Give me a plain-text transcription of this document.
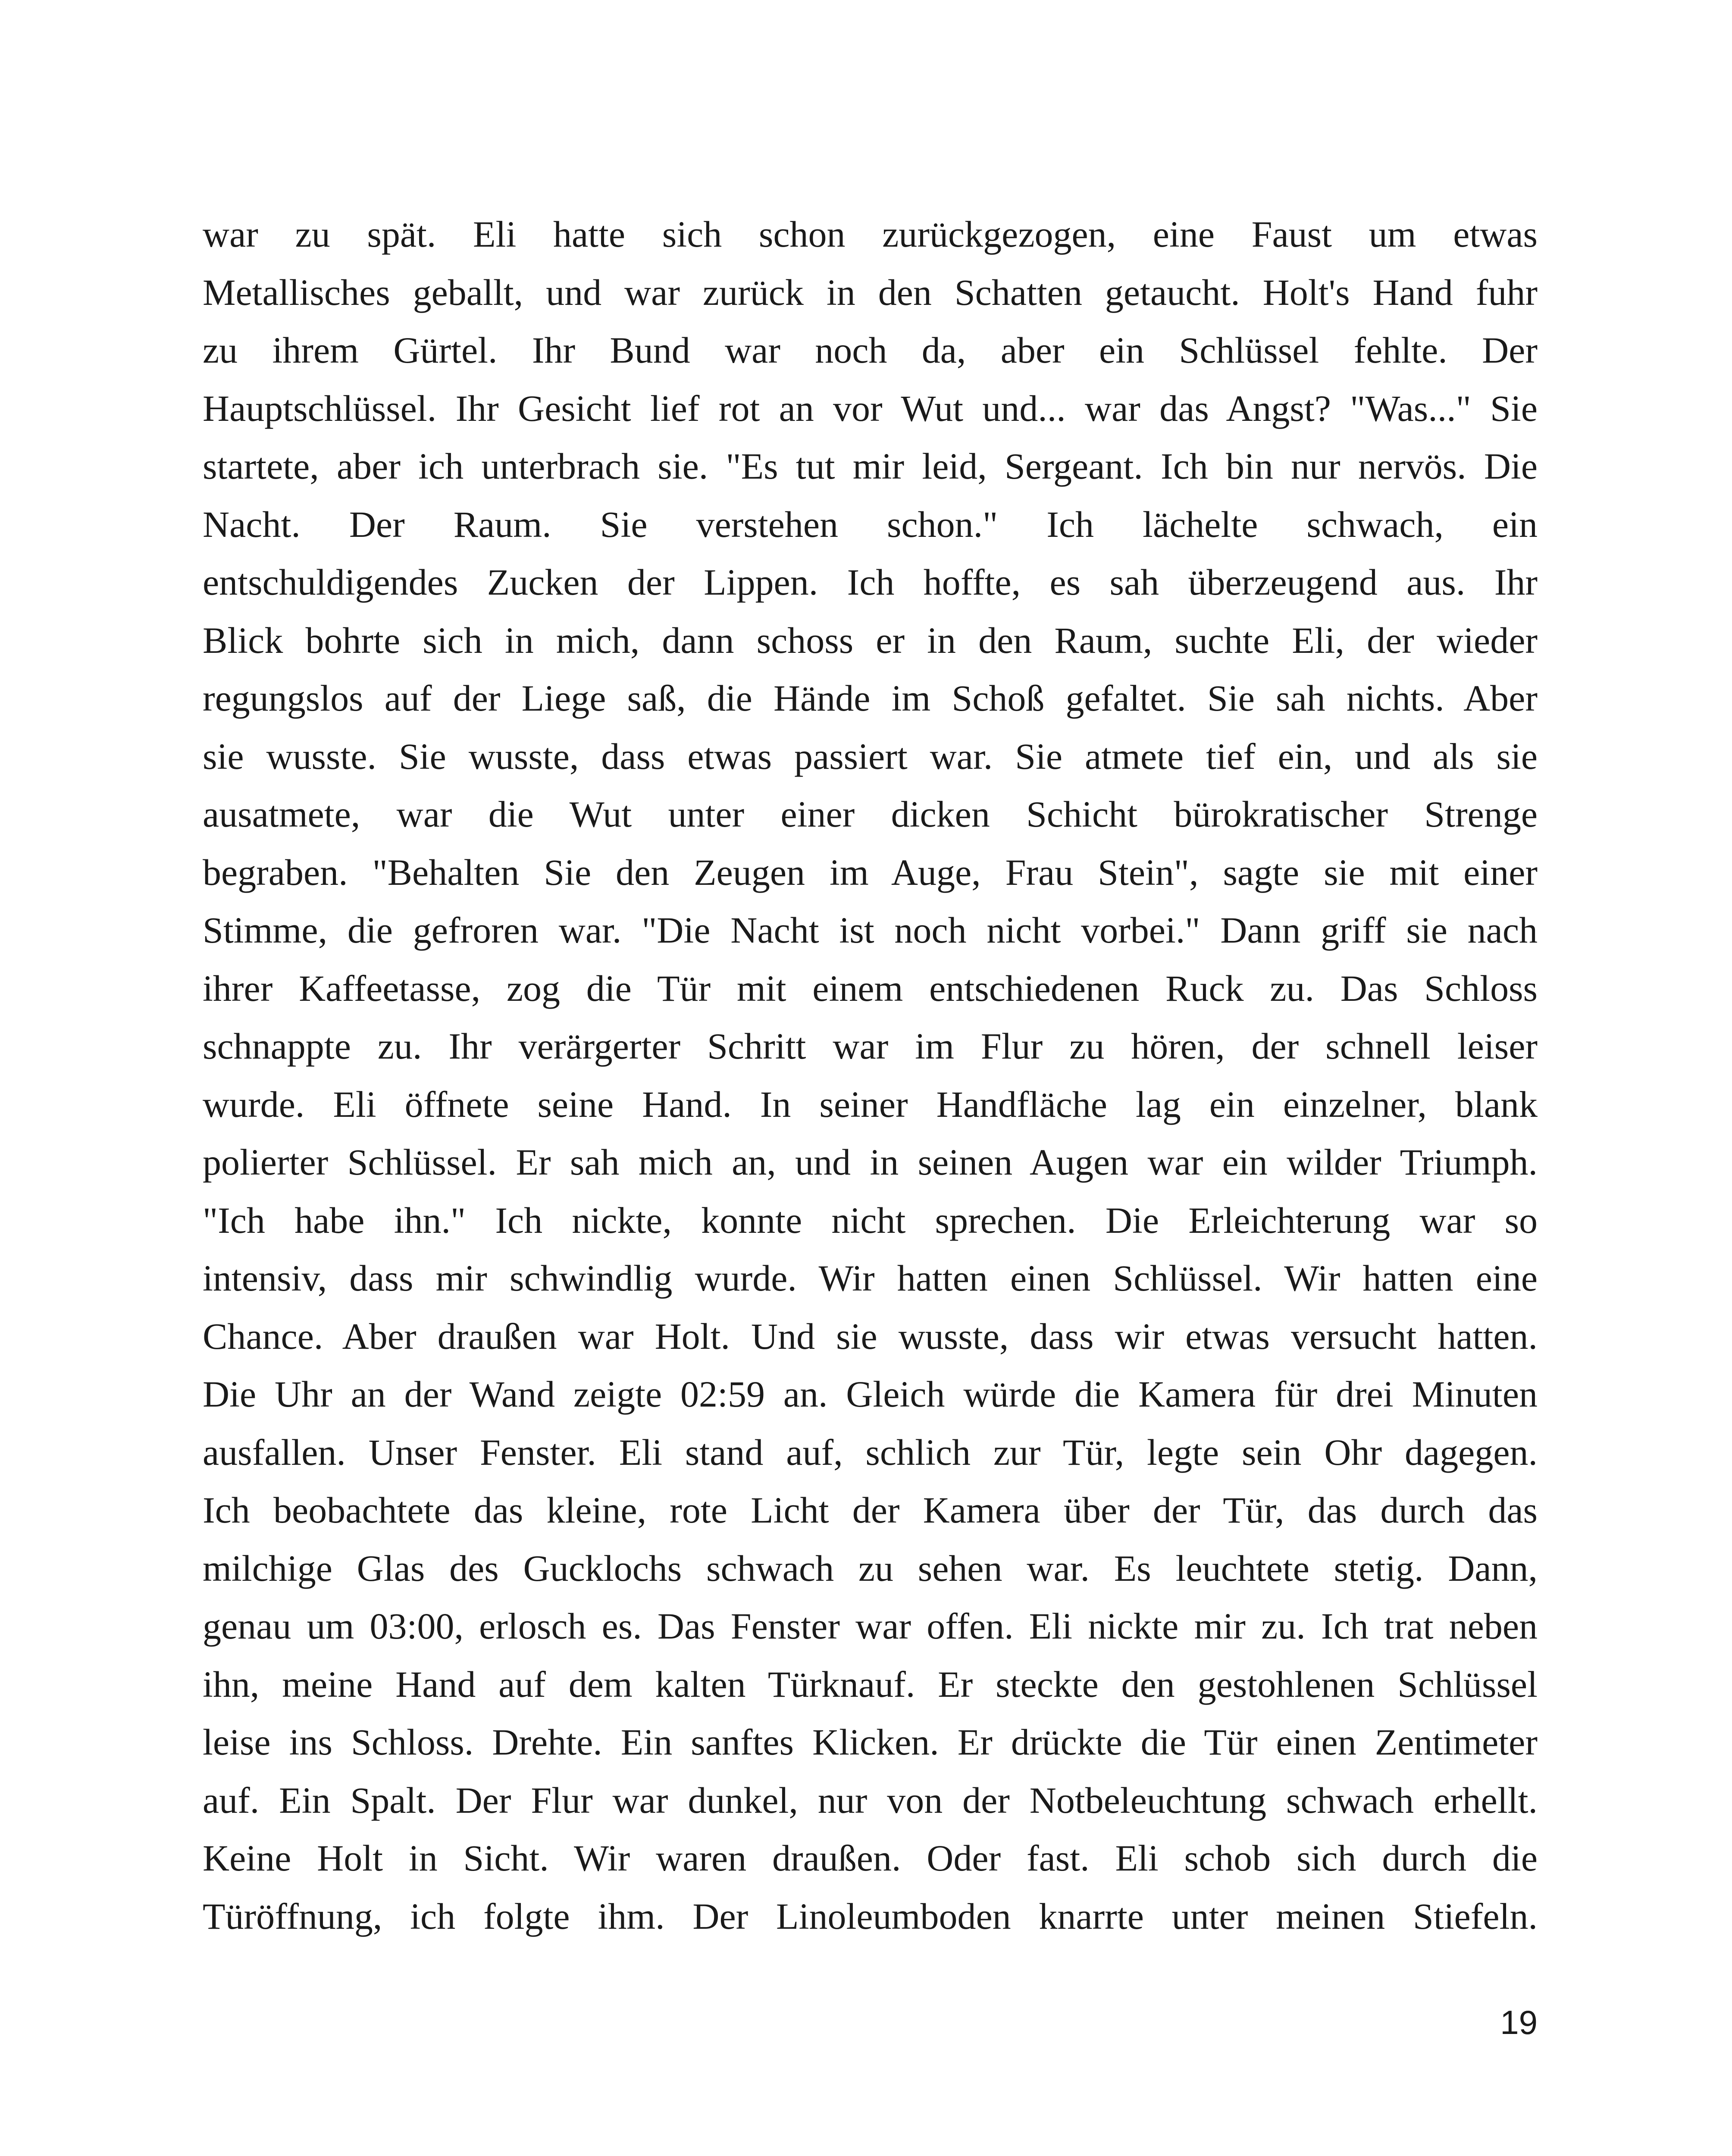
war zu spät. Eli hatte sich schon zurückgezogen, eine Faust um etwas
Metallisches geballt, und war zurück in den Schatten getaucht. Holt's Hand fuhr
zu ihrem Gürtel. Ihr Bund war noch da, aber ein Schlüssel fehlte. Der
Hauptschlüssel. Ihr Gesicht lief rot an vor Wut und... war das Angst? "Was..." Sie
startete, aber ich unterbrach sie. "Es tut mir leid, Sergeant. Ich bin nur nervös. Die
Nacht. Der Raum. Sie verstehen schon." Ich lächelte schwach, ein
entschuldigendes Zucken der Lippen. Ich hoffte, es sah überzeugend aus. Ihr
Blick bohrte sich in mich, dann schoss er in den Raum, suchte Eli, der wieder
regungslos auf der Liege saß, die Hände im Schoß gefaltet. Sie sah nichts. Aber
sie wusste. Sie wusste, dass etwas passiert war. Sie atmete tief ein, und als sie
ausatmete, war die Wut unter einer dicken Schicht bürokratischer Strenge
begraben. "Behalten Sie den Zeugen im Auge, Frau Stein", sagte sie mit einer
Stimme, die gefroren war. "Die Nacht ist noch nicht vorbei." Dann griff sie nach
ihrer Kaffeetasse, zog die Tür mit einem entschiedenen Ruck zu. Das Schloss
schnappte zu. Ihr verärgerter Schritt war im Flur zu hören, der schnell leiser
wurde. Eli öffnete seine Hand. In seiner Handfläche lag ein einzelner, blank
polierter Schlüssel. Er sah mich an, und in seinen Augen war ein wilder Triumph.
"Ich habe ihn." Ich nickte, konnte nicht sprechen. Die Erleichterung war so
intensiv, dass mir schwindlig wurde. Wir hatten einen Schlüssel. Wir hatten eine
Chance. Aber draußen war Holt. Und sie wusste, dass wir etwas versucht hatten.
Die Uhr an der Wand zeigte 02:59 an. Gleich würde die Kamera für drei Minuten
ausfallen. Unser Fenster. Eli stand auf, schlich zur Tür, legte sein Ohr dagegen.
Ich beobachtete das kleine, rote Licht der Kamera über der Tür, das durch das
milchige Glas des Gucklochs schwach zu sehen war. Es leuchtete stetig. Dann,
genau um 03:00, erlosch es. Das Fenster war offen. Eli nickte mir zu. Ich trat neben
ihn, meine Hand auf dem kalten Türknauf. Er steckte den gestohlenen Schlüssel
leise ins Schloss. Drehte. Ein sanftes Klicken. Er drückte die Tür einen Zentimeter
auf. Ein Spalt. Der Flur war dunkel, nur von der Notbeleuchtung schwach erhellt.
Keine Holt in Sicht. Wir waren draußen. Oder fast. Eli schob sich durch die
Türöffnung, ich folgte ihm. Der Linoleumboden knarrte unter meinen Stiefeln.
19
